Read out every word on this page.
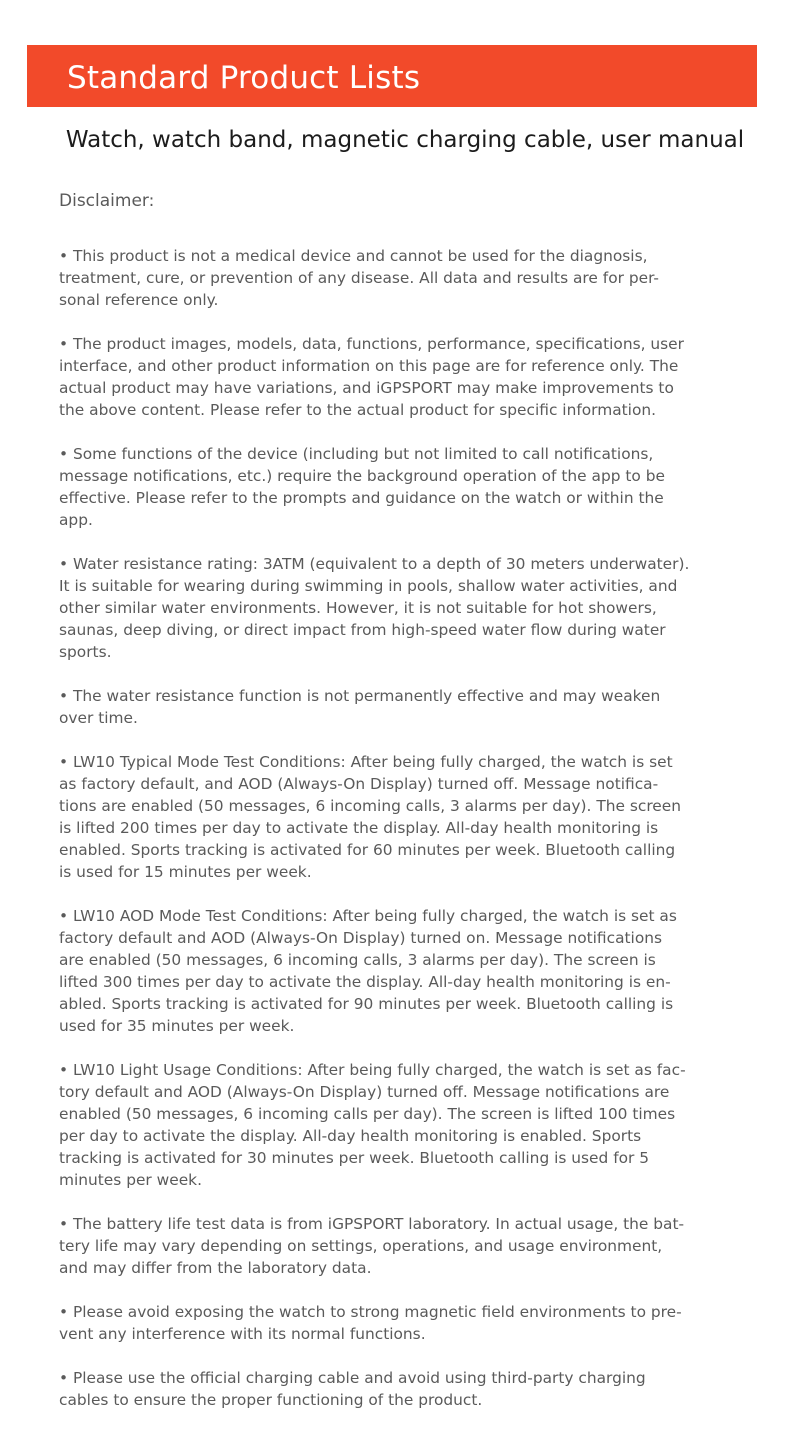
Standard Product Lists

Watch, watch band, magnetic charging cable, user manual

Disclaimer:

• This product is not a medical device and cannot be used for the diagnosis,
treatment, cure, or prevention of any disease. All data and results are for per-
sonal reference only.

• The product images, models, data, functions, performance, specifications, user
interface, and other product information on this page are for reference only. The
actual product may have variations, and iGPSPORT may make improvements to
the above content. Please refer to the actual product for specific information.

• Some functions of the device (including but not limited to call notifications,
message notifications, etc.) require the background operation of the app to be
effective. Please refer to the prompts and guidance on the watch or within the
app.

• Water resistance rating: 3ATM (equivalent to a depth of 30 meters underwater).
It is suitable for wearing during swimming in pools, shallow water activities, and
other similar water environments. However, it is not suitable for hot showers,
saunas, deep diving, or direct impact from high-speed water flow during water
sports.

• The water resistance function is not permanently effective and may weaken
over time.

• LW10 Typical Mode Test Conditions: After being fully charged, the watch is set
as factory default, and AOD (Always-On Display) turned off. Message notifica-
tions are enabled (50 messages, 6 incoming calls, 3 alarms per day). The screen
is lifted 200 times per day to activate the display. All-day health monitoring is
enabled. Sports tracking is activated for 60 minutes per week. Bluetooth calling
is used for 15 minutes per week.

• LW10 AOD Mode Test Conditions: After being fully charged, the watch is set as
factory default and AOD (Always-On Display) turned on. Message notifications
are enabled (50 messages, 6 incoming calls, 3 alarms per day). The screen is
lifted 300 times per day to activate the display. All-day health monitoring is en-
abled. Sports tracking is activated for 90 minutes per week. Bluetooth calling is
used for 35 minutes per week.

• LW10 Light Usage Conditions: After being fully charged, the watch is set as fac-
tory default and AOD (Always-On Display) turned off. Message notifications are
enabled (50 messages, 6 incoming calls per day). The screen is lifted 100 times
per day to activate the display. All-day health monitoring is enabled. Sports
tracking is activated for 30 minutes per week. Bluetooth calling is used for 5
minutes per week.

• The battery life test data is from iGPSPORT laboratory. In actual usage, the bat-
tery life may vary depending on settings, operations, and usage environment,
and may differ from the laboratory data.

• Please avoid exposing the watch to strong magnetic field environments to pre-
vent any interference with its normal functions.

• Please use the official charging cable and avoid using third-party charging
cables to ensure the proper functioning of the product.
